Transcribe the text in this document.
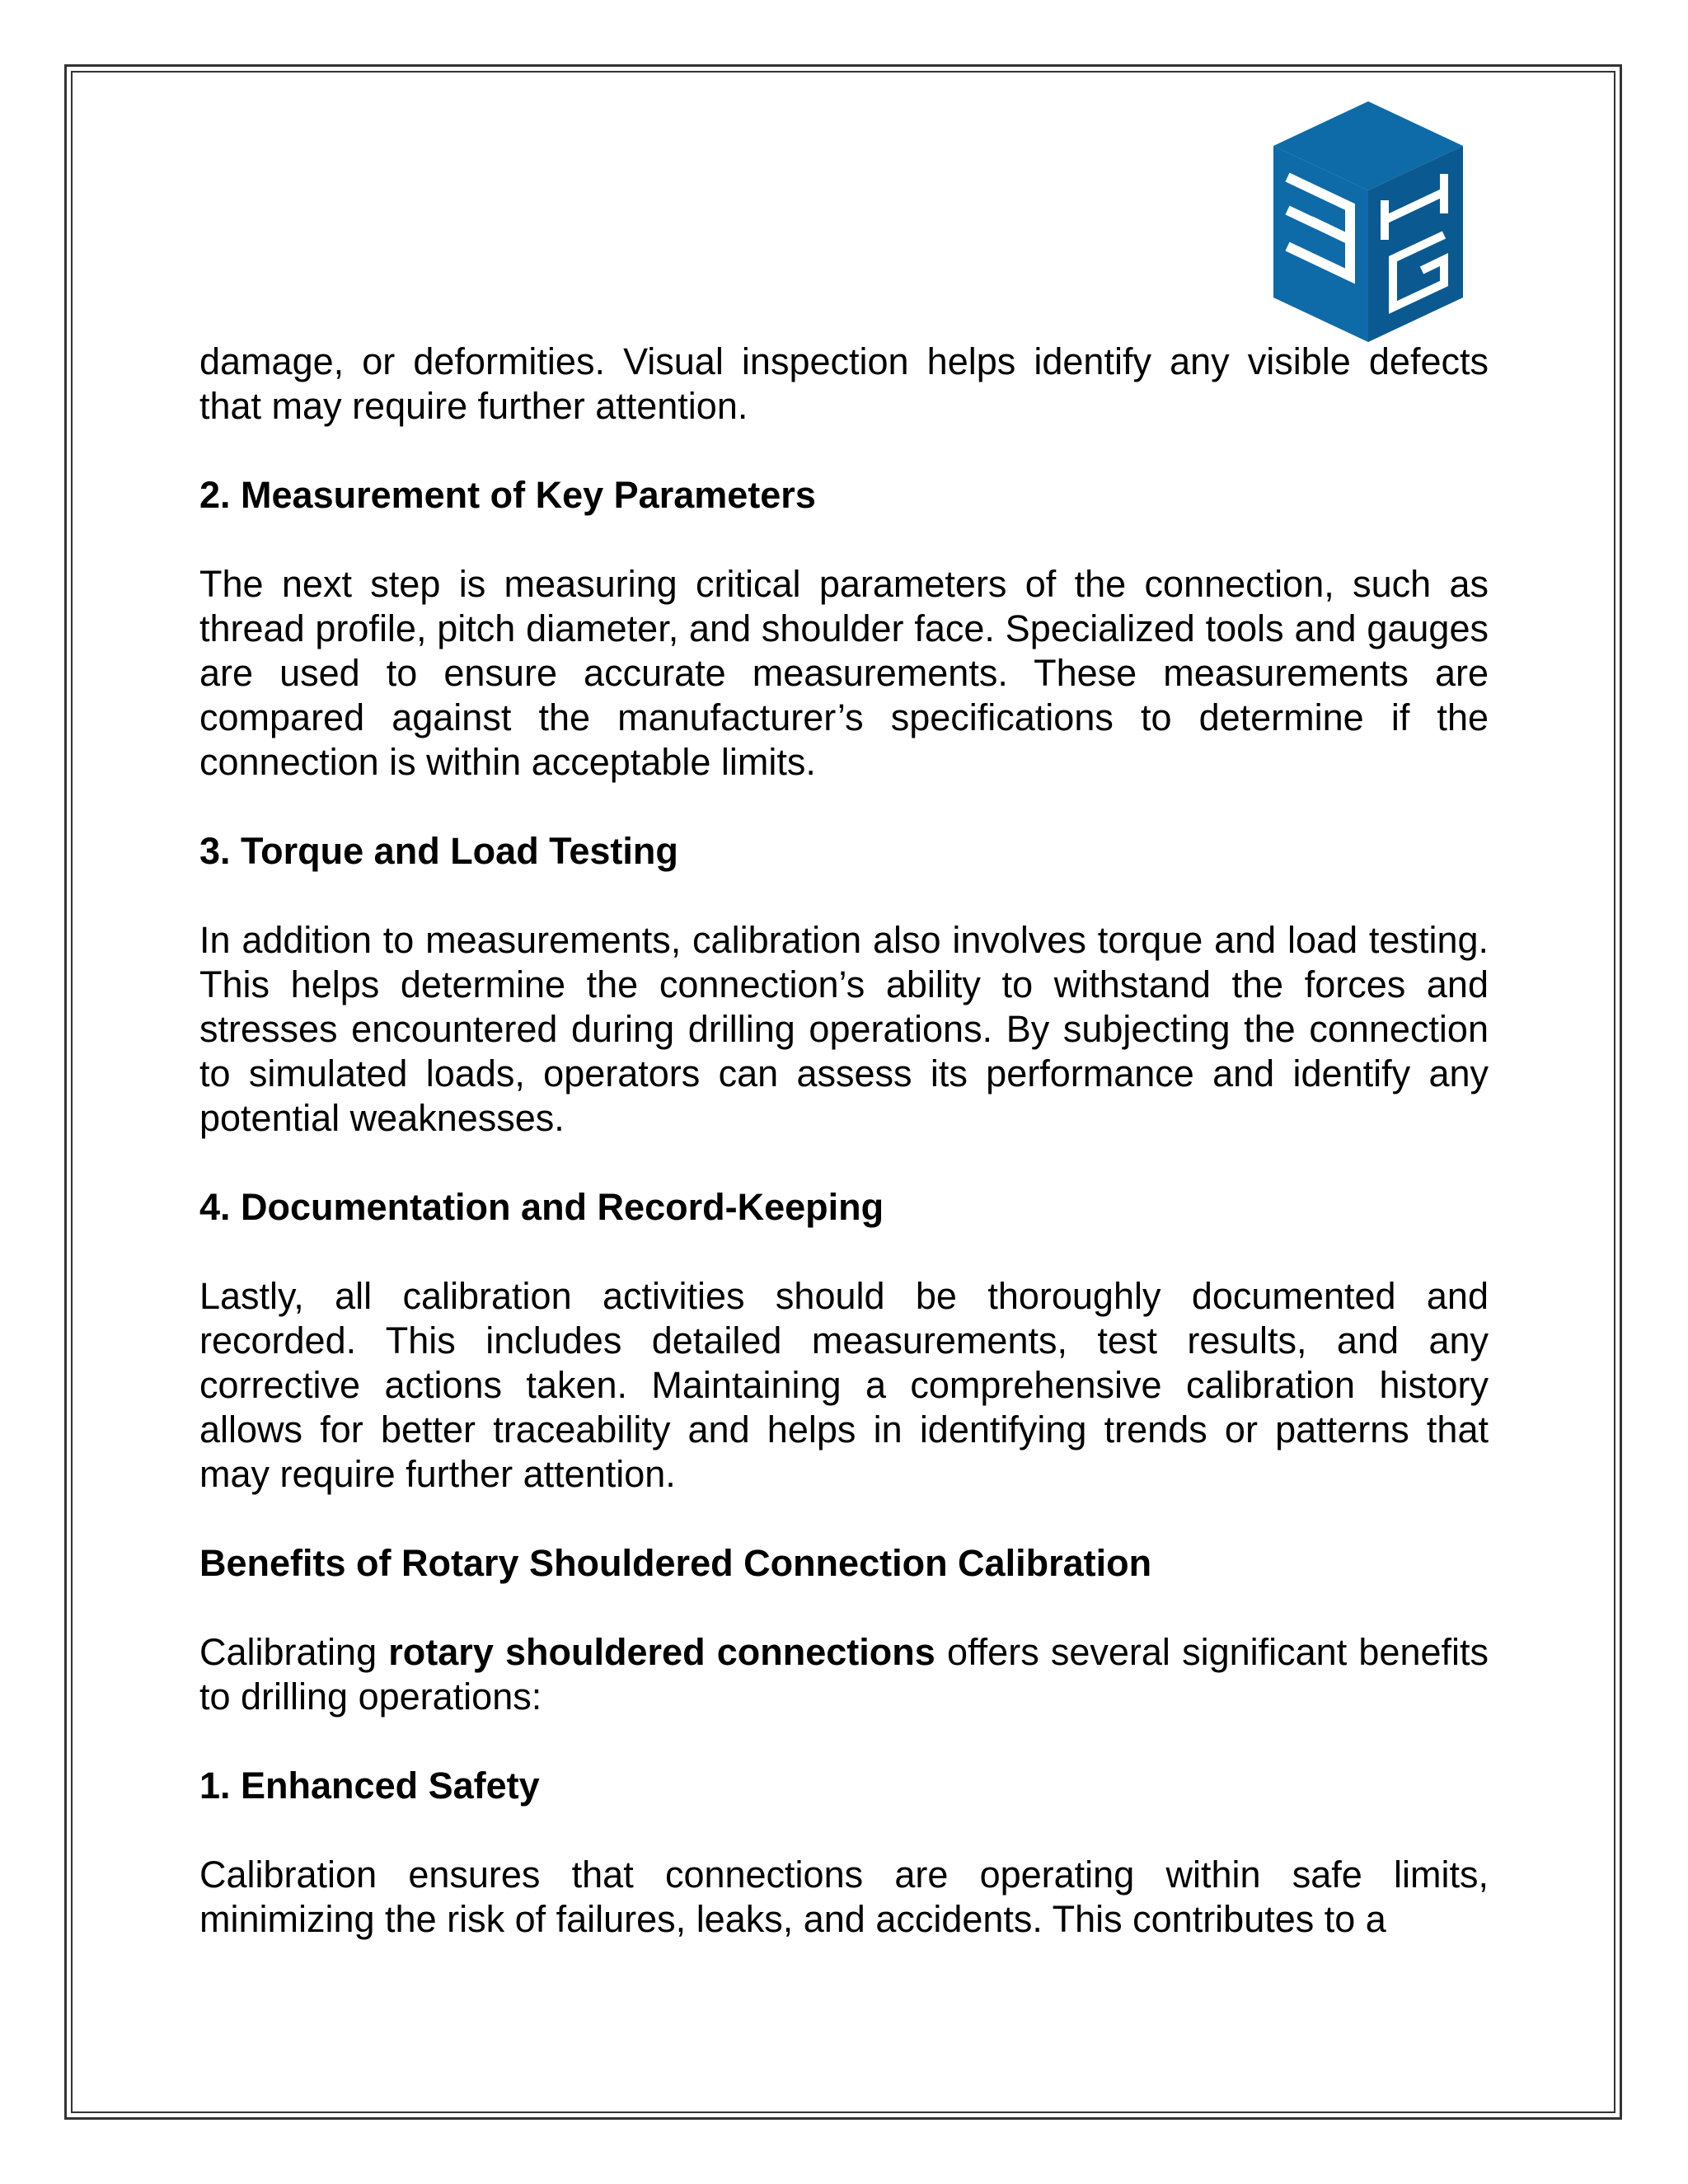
damage, or deformities. Visual inspection helps identify any visible defects that may require further attention.

2. Measurement of Key Parameters

The next step is measuring critical parameters of the connection, such as thread profile, pitch diameter, and shoulder face. Specialized tools and gauges are used to ensure accurate measurements. These measurements are compared against the manufacturer’s specifications to determine if the connection is within acceptable limits.

3. Torque and Load Testing

In addition to measurements, calibration also involves torque and load testing. This helps determine the connection’s ability to withstand the forces and stresses encountered during drilling operations. By subjecting the connection to simulated loads, operators can assess its performance and identify any potential weaknesses.

4. Documentation and Record-Keeping

Lastly, all calibration activities should be thoroughly documented and recorded. This includes detailed measurements, test results, and any corrective actions taken. Maintaining a comprehensive calibration history allows for better traceability and helps in identifying trends or patterns that may require further attention.

Benefits of Rotary Shouldered Connection Calibration

Calibrating rotary shouldered connections offers several significant benefits to drilling operations:

1. Enhanced Safety

Calibration ensures that connections are operating within safe limits, minimizing the risk of failures, leaks, and accidents. This contributes to a
